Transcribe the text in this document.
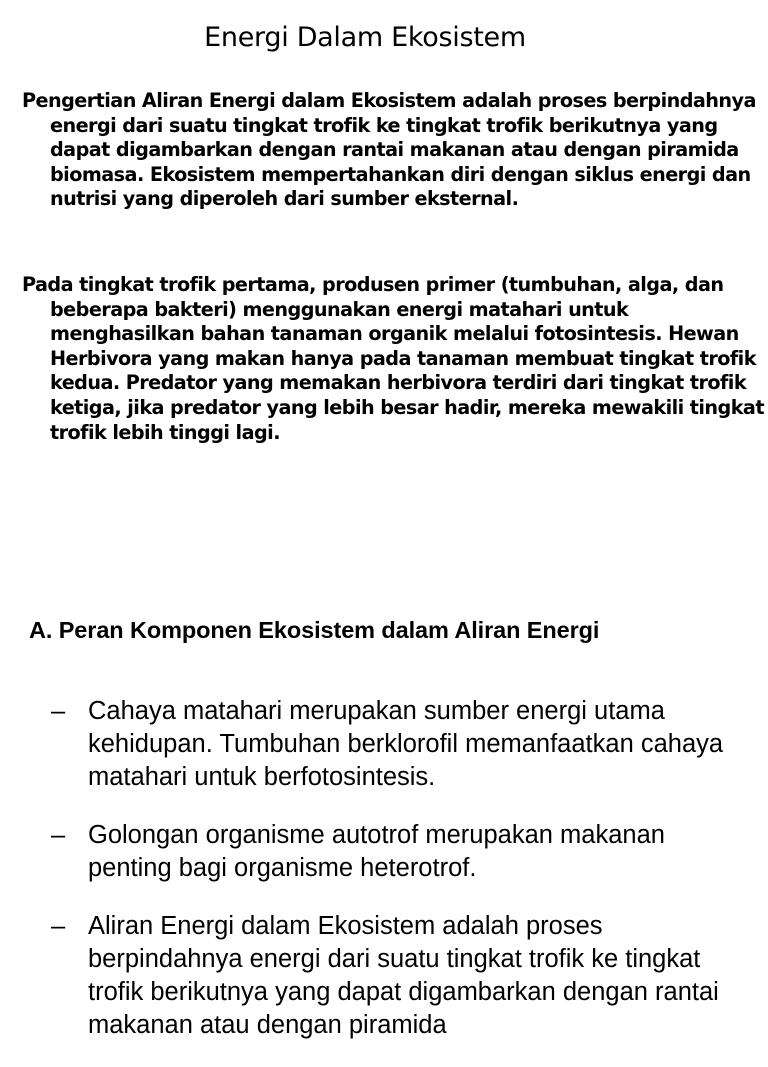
Energi Dalam Ekosistem

Pengertian Aliran Energi dalam Ekosistem adalah proses berpindahnya energi dari suatu tingkat trofik ke tingkat trofik berikutnya yang dapat digambarkan dengan rantai makanan atau dengan piramida biomasa. Ekosistem mempertahankan diri dengan siklus energi dan nutrisi yang diperoleh dari sumber eksternal.

Pada tingkat trofik pertama, produsen primer (tumbuhan, alga, dan beberapa bakteri) menggunakan energi matahari untuk menghasilkan bahan tanaman organik melalui fotosintesis. Hewan Herbivora yang makan hanya pada tanaman membuat tingkat trofik kedua. Predator yang memakan herbivora terdiri dari tingkat trofik ketiga, jika predator yang lebih besar hadir, mereka mewakili tingkat trofik lebih tinggi lagi.

A. Peran Komponen Ekosistem dalam Aliran Energi
– Cahaya matahari merupakan sumber energi utama kehidupan. Tumbuhan berklorofil memanfaatkan cahaya matahari untuk berfotosintesis.
– Golongan organisme autotrof merupakan makanan penting bagi organisme heterotrof.
– Aliran Energi dalam Ekosistem adalah proses berpindahnya energi dari suatu tingkat trofik ke tingkat trofik berikutnya yang dapat digambarkan dengan rantai makanan atau dengan piramida
